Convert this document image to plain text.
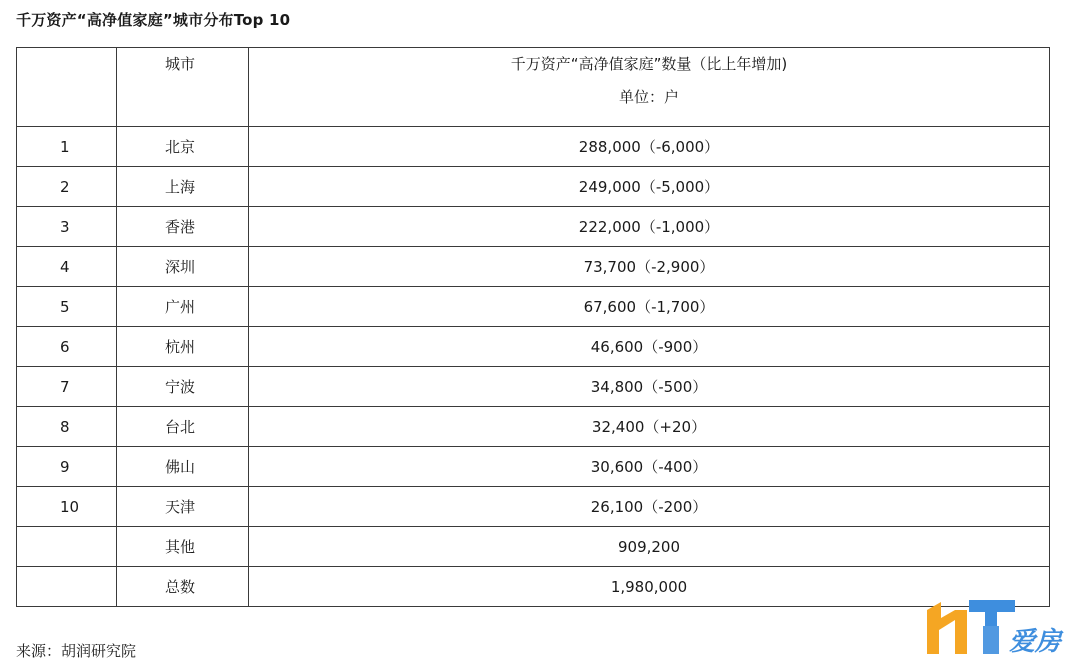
千万资产“高净值家庭”城市分布Top 10

	城市	千万资产“高净值家庭”数量（比上年增加)
单位：户

1	北京	288,000（-6,000）
2	上海	249,000（-5,000）
3	香港	222,000（-1,000）
4	深圳	73,700（-2,900）
5	广州	67,600（-1,700）
6	杭州	46,600（-900）
7	宁波	34,800（-500）
8	台北	32,400（+20）
9	佛山	30,600（-400）
10	天津	26,100（-200）
	其他	909,200
	总数	1,980,000
来源：胡润研究院	爱房
